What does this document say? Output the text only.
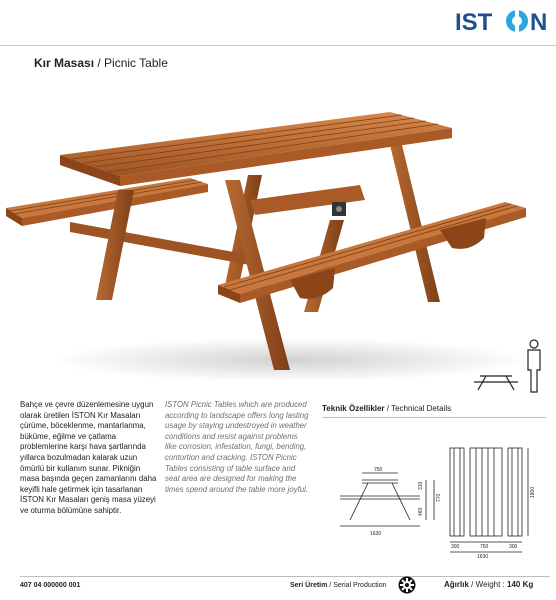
IST N
Kır Masası / Picnic Table
Bahçe ve çevre düzenlemesine uygun olarak üretilen İSTON Kır Masaları çürüme, böceklenme, mantarlanma, büküme, eğilme ve çatlama problemlerine karşı hava şartlarında yıllarca bozulmadan kalarak uzun ömürlü bir kullanım sunar. Pikniğin masa başında geçen zamanlarını daha keyifli hale getirmek için tasarlanan İSTON Kır Masaları geniş masa yüzeyi ve oturma bölümüne sahiptir.
ISTON Picnic Tables which are produced according to landscape offers long lasting usage by staying undestroyed in weather conditions and resist against problems like corrosion, infestation, fungi, bending, contortion and cracking. ISTON Picnic Tables consisting of table surface and seat area are designed for making the times spend around the table more joyful.
Teknik Özellikler / Technical Details
750
310
770
460
1630
1800
300	750	300
1630
407 04 000000 001	Seri Üretim / Serial Production	Ağırlık / Weight : 140 Kg
